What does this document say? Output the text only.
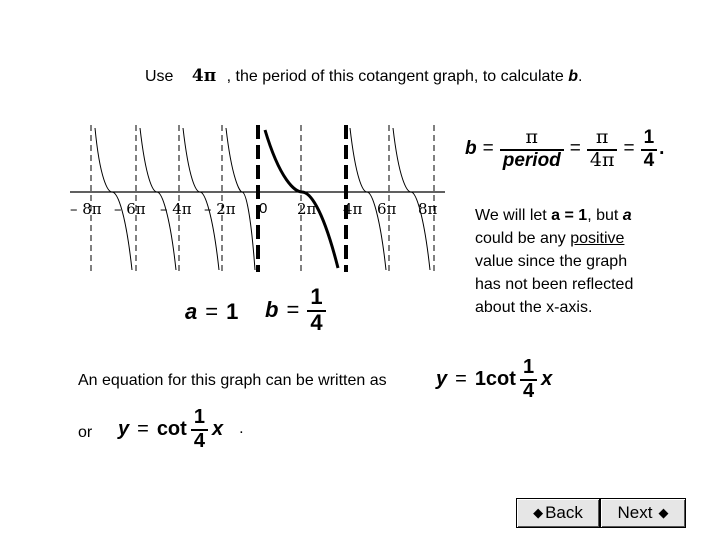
Use 4π , the period of this cotangent graph, to calculate b.
– 8π – 6π – 4π – 2π 0 2π 4π 6π 8π
$b = \frac{\pi}{\text{period}} = \frac{\pi}{4\pi} = \frac{1}{4}$ .
We will let a = 1, but a
could be any positive
value since the graph
has not been reflected
about the x-axis.
a = 1 $b = \frac{1}{4}$
An equation for this graph can be written as $y = 1\cot \frac{1}{4}$ x
or $y = \cot \frac{1}{4}$ x .
◆ Back Next ◆
